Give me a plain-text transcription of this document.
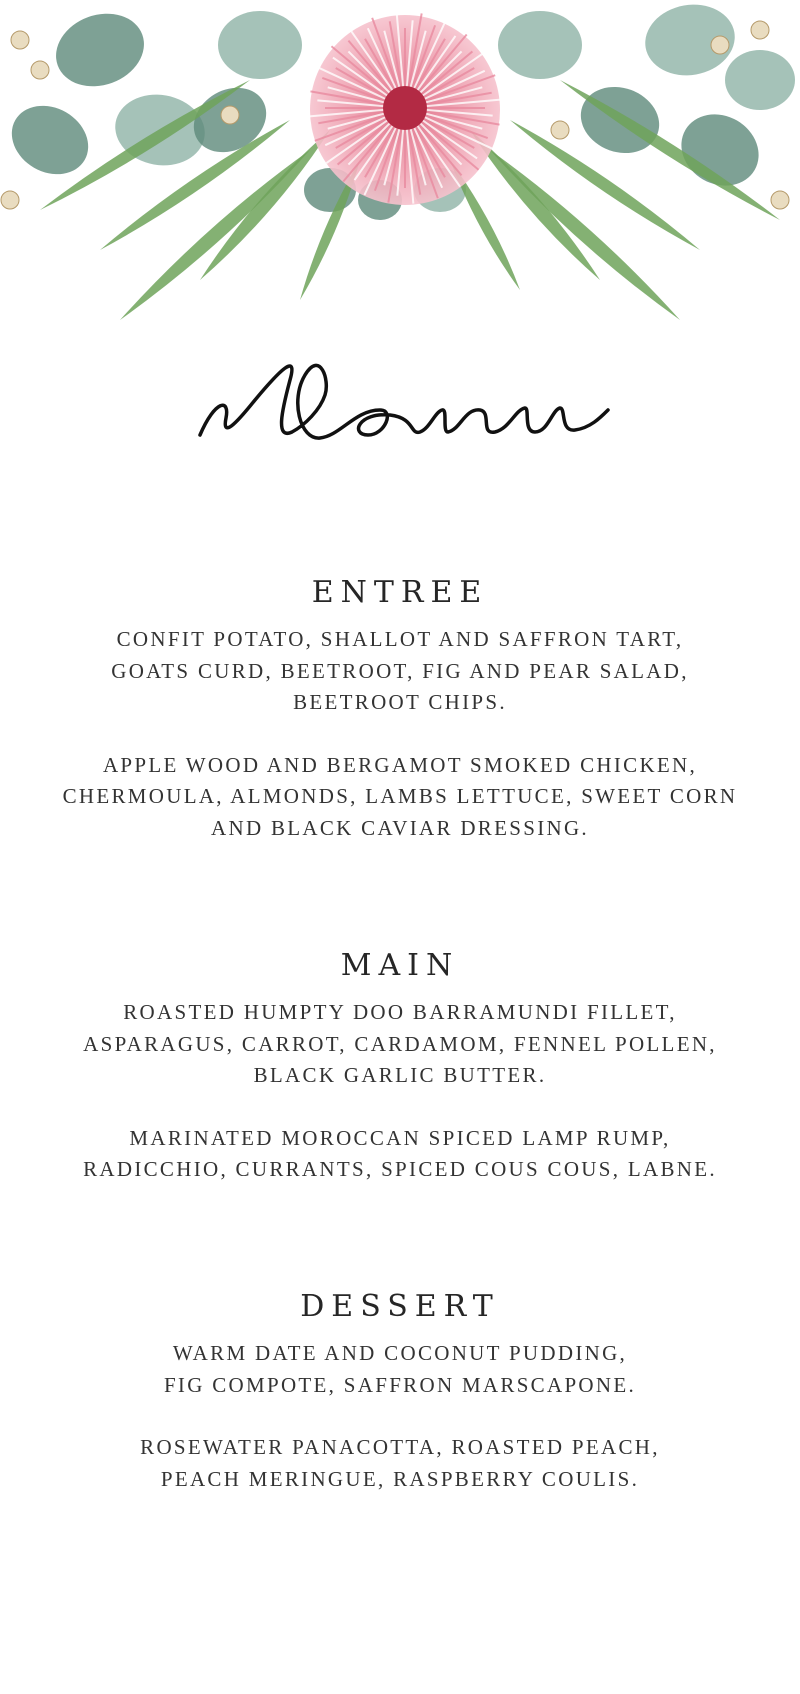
Menu
ENTREE

CONFIT POTATO, SHALLOT AND SAFFRON TART,
GOATS CURD, BEETROOT, FIG AND PEAR SALAD,
BEETROOT CHIPS.

APPLE WOOD AND BERGAMOT SMOKED CHICKEN,
CHERMOULA, ALMONDS, LAMBS LETTUCE, SWEET CORN
AND BLACK CAVIAR DRESSING.

MAIN

ROASTED HUMPTY DOO BARRAMUNDI FILLET,
ASPARAGUS, CARROT, CARDAMOM, FENNEL POLLEN,
BLACK GARLIC BUTTER.

MARINATED MOROCCAN SPICED LAMP RUMP,
RADICCHIO, CURRANTS, SPICED COUS COUS, LABNE.

DESSERT

WARM DATE AND COCONUT PUDDING,
FIG COMPOTE, SAFFRON MARSCAPONE.

ROSEWATER PANACOTTA, ROASTED PEACH,
PEACH MERINGUE, RASPBERRY COULIS.
